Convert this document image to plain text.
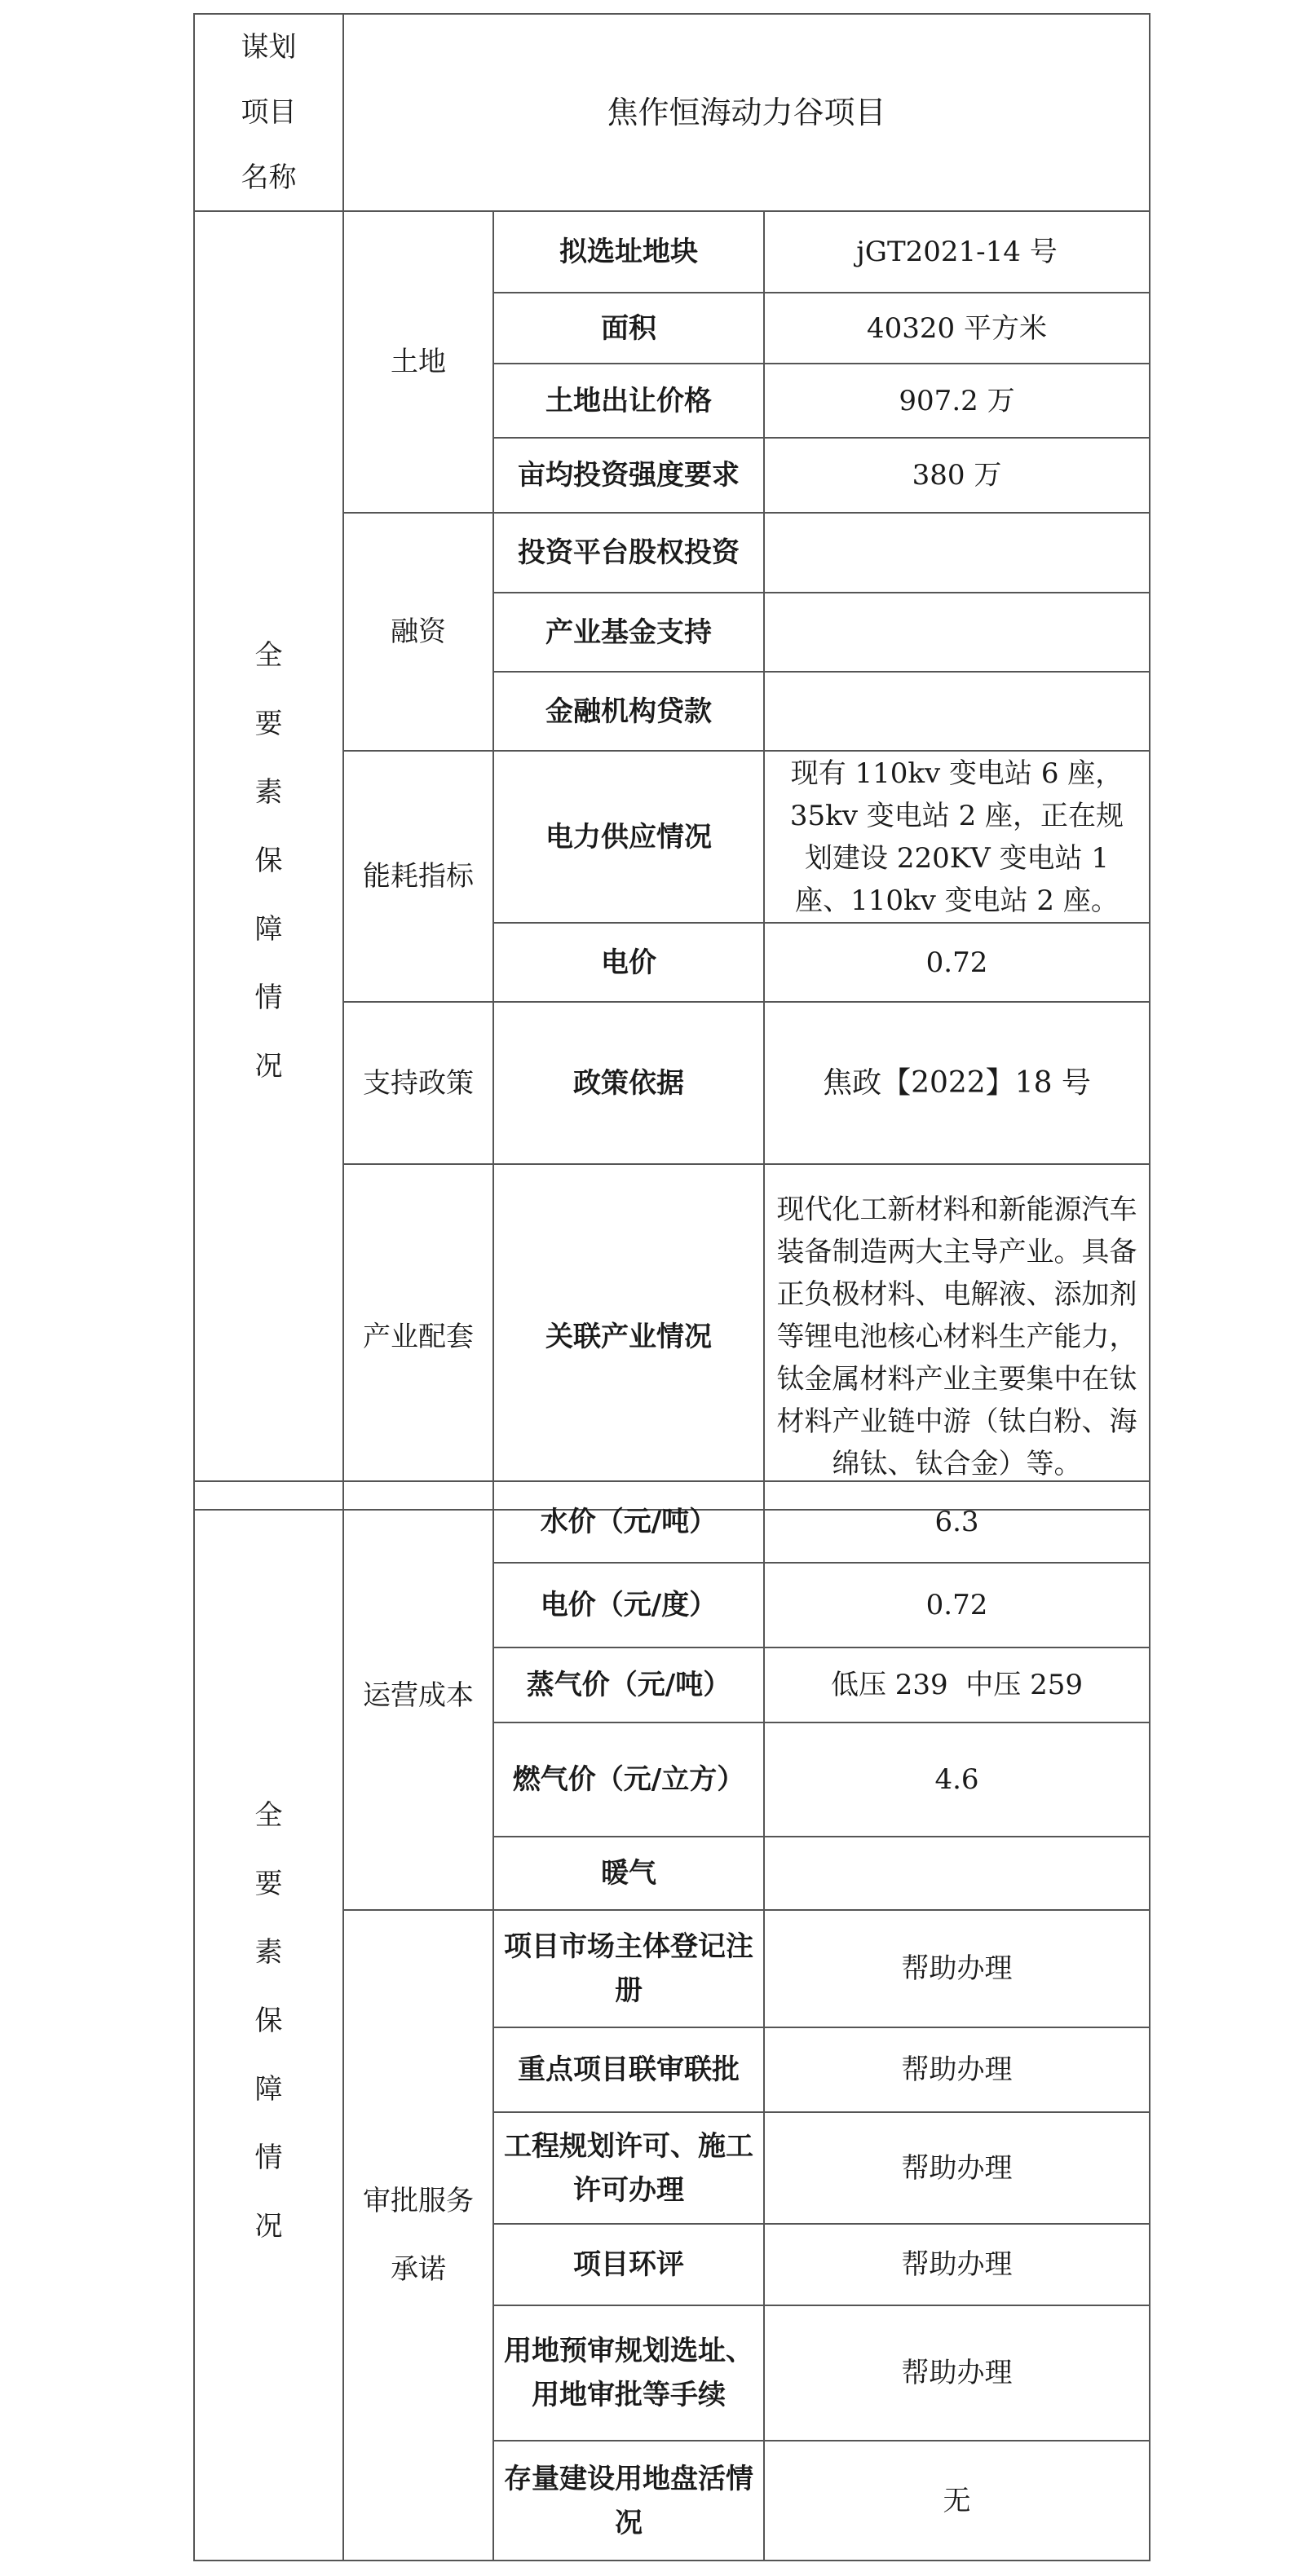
谋划项目名称	焦作恒海动力谷项目		

全要素保障情况	土地	拟选址地块	jGT2021-14 号
		面积	40320 平方米
		土地出让价格	907.2 万
		亩均投资强度要求	380 万
	融资	投资平台股权投资	
		产业基金支持	
		金融机构贷款	
	能耗指标	电力供应情况	现有 110kv 变电站 6 座，35kv 变电站 2 座，正在规划建设 220KV 变电站 1 座、110kv 变电站 2 座。
		电价	0.72
	支持政策	政策依据	焦政【2022】18 号
	产业配套	关联产业情况	现代化工新材料和新能源汽车装备制造两大主导产业。具备正负极材料、电解液、添加剂等锂电池核心材料生产能力，钛金属材料产业主要集中在钛材料产业链中游（钛白粉、海绵钛、钛合金）等。
全要素保障情况	运营成本	水价（元/吨）	6.3
		电价（元/度）	0.72
		蒸气价（元/吨）	低压 239  中压 259
		燃气价（元/立方）	4.6
		暖气	

	审批服务承诺	项目市场主体登记注册	帮助办理
		重点项目联审联批	帮助办理
		工程规划许可、施工许可办理	帮助办理
		项目环评	帮助办理
		用地预审规划选址、用地审批等手续	帮助办理
		存量建设用地盘活情况	无
